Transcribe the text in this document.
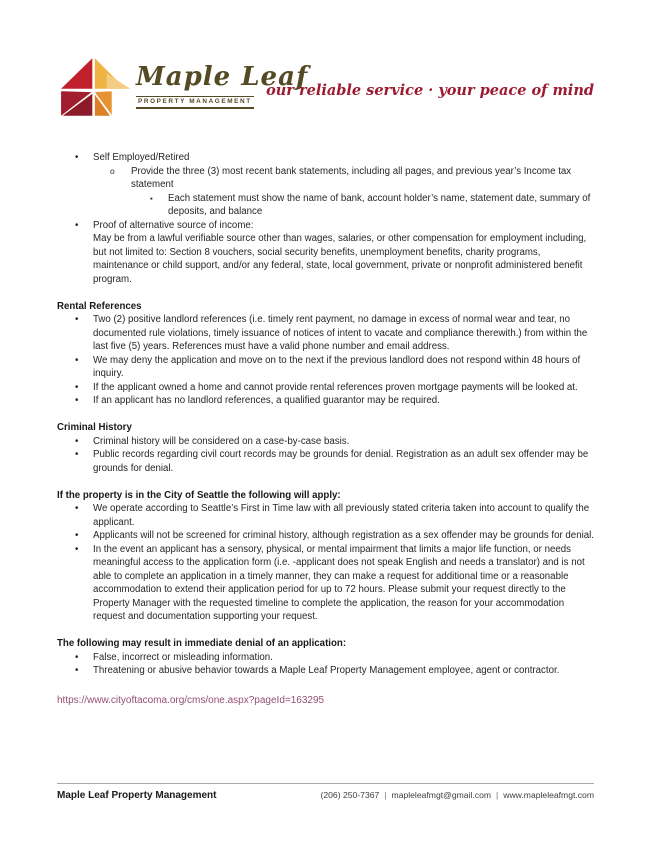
Maple Leaf
PROPERTY MANAGEMENT
our reliable service · your peace of mind
•	Self Employed/Retired
o	Provide the three (3) most recent bank statements, including all pages, and previous year’s Income tax statement
▪	Each statement must show the name of bank, account holder’s name, statement date, summary of deposits, and balance
•	Proof of alternative source of income:
May be from a lawful verifiable source other than wages, salaries, or other compensation for employment including, but not limited to: Section 8 vouchers, social security benefits, unemployment benefits, charity programs, maintenance or child support, and/or any federal, state, local government, private or nonprofit administered benefit program.
Rental References
•	Two (2) positive landlord references (i.e. timely rent payment, no damage in excess of normal wear and tear, no documented rule violations, timely issuance of notices of intent to vacate and compliance therewith.) from within the last five (5) years. References must have a valid phone number and email address.
•	We may deny the application and move on to the next if the previous landlord does not respond within 48 hours of inquiry.
•	If the applicant owned a home and cannot provide rental references proven mortgage payments will be looked at.
•	If an applicant has no landlord references, a qualified guarantor may be required.
Criminal History
•	Criminal history will be considered on a case-by-case basis.
•	Public records regarding civil court records may be grounds for denial. Registration as an adult sex offender may be grounds for denial.
If the property is in the City of Seattle the following will apply:
•	We operate according to Seattle’s First in Time law with all previously stated criteria taken into account to qualify the applicant.
•	Applicants will not be screened for criminal history, although registration as a sex offender may be grounds for denial.
•	In the event an applicant has a sensory, physical, or mental impairment that limits a major life function, or needs meaningful access to the application form (i.e. -applicant does not speak English and needs a translator) and is not able to complete an application in a timely manner, they can make a request for additional time or a reasonable accommodation to extend their application period for up to 72 hours. Please submit your request directly to the Property Manager with the requested timeline to complete the application, the reason for your accommodation request and documentation supporting your request.
The following may result in immediate denial of an application:
•	False, incorrect or misleading information.
•	Threatening or abusive behavior towards a Maple Leaf Property Management employee, agent or contractor.
https://www.cityoftacoma.org/cms/one.aspx?pageId=163295
Maple Leaf Property Management	(206) 250-7367 | mapleleafmgt@gmail.com | www.mapleleafmgt.com
